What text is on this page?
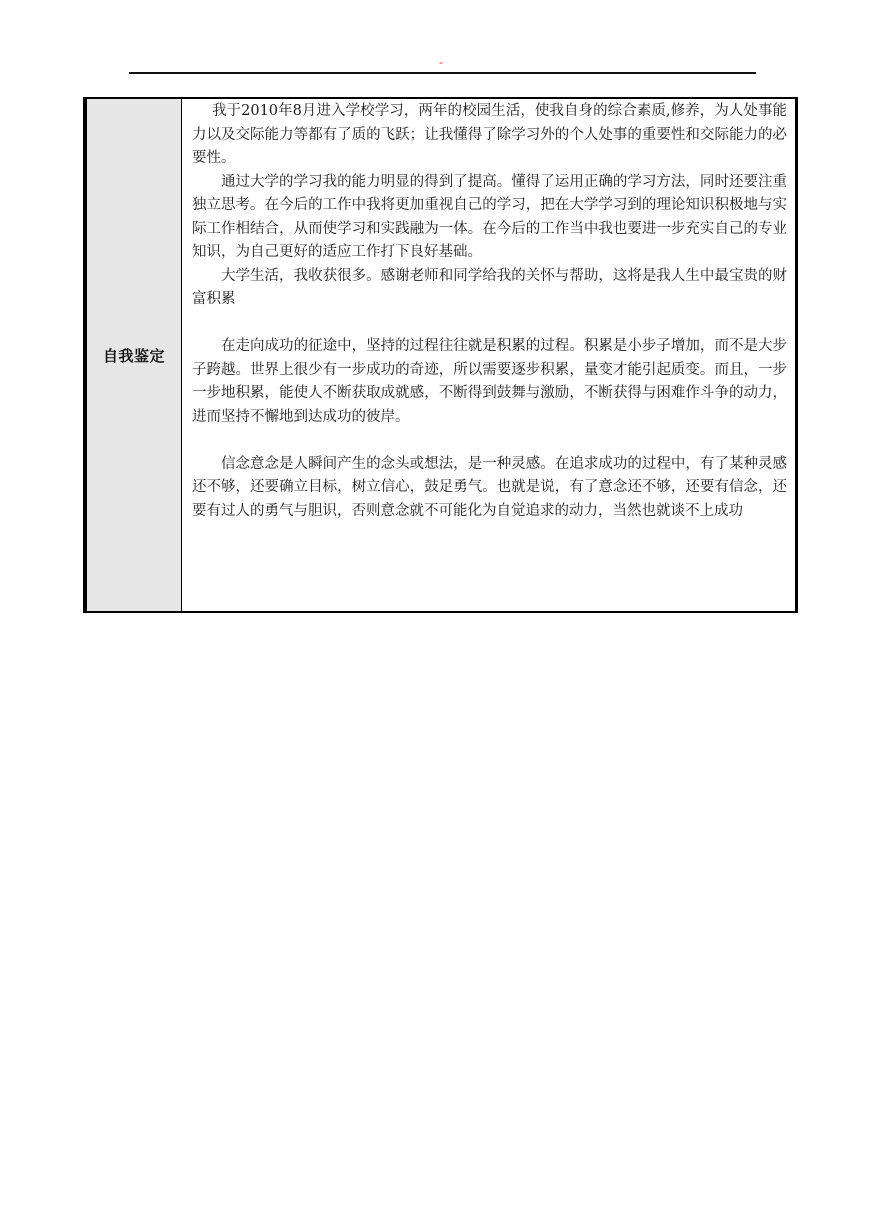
-
自我鉴定

我于2010年8月进入学校学习，两年的校园生活，使我自身的综合素质,修养，为人处事能力以及交际能力等都有了质的飞跃；让我懂得了除学习外的个人处事的重要性和交际能力的必要性。

通过大学的学习我的能力明显的得到了提高。懂得了运用正确的学习方法，同时还要注重独立思考。在今后的工作中我将更加重视自己的学习，把在大学学习到的理论知识积极地与实际工作相结合，从而使学习和实践融为一体。在今后的工作当中我也要进一步充实自己的专业知识，为自己更好的适应工作打下良好基础。

大学生活，我收获很多。感谢老师和同学给我的关怀与帮助，这将是我人生中最宝贵的财富积累

在走向成功的征途中，坚持的过程往往就是积累的过程。积累是小步子增加，而不是大步子跨越。世界上很少有一步成功的奇迹，所以需要逐步积累，量变才能引起质变。而且，一步一步地积累，能使人不断获取成就感，不断得到鼓舞与激励，不断获得与困难作斗争的动力，进而坚持不懈地到达成功的彼岸。

信念意念是人瞬间产生的念头或想法，是一种灵感。在追求成功的过程中，有了某种灵感还不够，还要确立目标，树立信心，鼓足勇气。也就是说，有了意念还不够，还要有信念，还要有过人的勇气与胆识，否则意念就不可能化为自觉追求的动力，当然也就谈不上成功
